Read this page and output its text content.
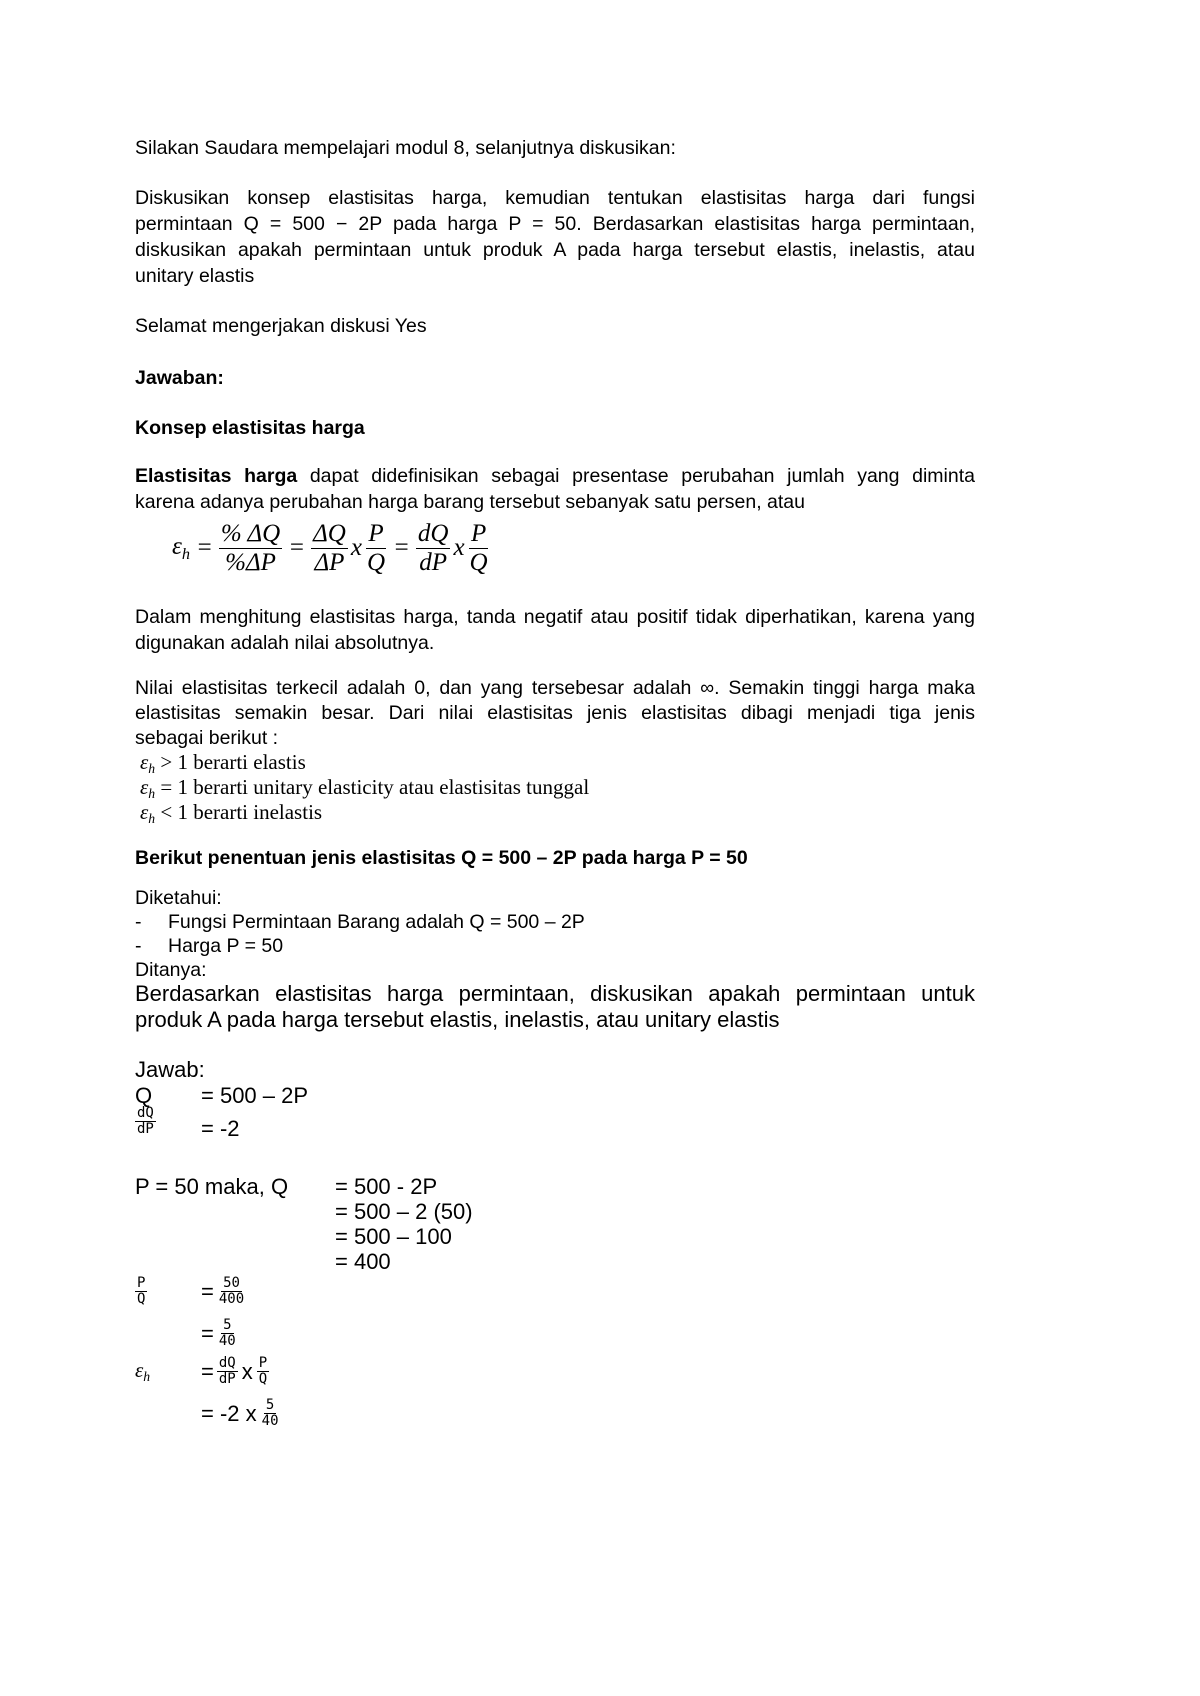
Silakan Saudara mempelajari modul 8, selanjutnya diskusikan:
Diskusikan konsep elastisitas harga, kemudian tentukan elastisitas harga dari fungsi
permintaan Q = 500 − 2P pada harga P = 50. Berdasarkan elastisitas harga permintaan,
diskusikan apakah permintaan untuk produk A pada harga tersebut elastis, inelastis, atau
unitary elastis
Selamat mengerjakan diskusi Yes
Jawaban:
Konsep elastisitas harga
Elastisitas harga dapat didefinisikan sebagai presentase perubahan jumlah yang diminta
karena adanya perubahan harga barang tersebut sebanyak satu persen, atau
$\varepsilon_h = \frac{\% \Delta Q}{\%\Delta P} = \frac{\Delta Q}{\Delta P}$ x $\frac{P}{Q} = \frac{dQ}{dP}$ x $\frac{P}{Q}$
Dalam menghitung elastisitas harga, tanda negatif atau positif tidak diperhatikan, karena yang
digunakan adalah nilai absolutnya.
Nilai elastisitas terkecil adalah 0, dan yang tersebesar adalah ∞. Semakin tinggi harga maka
elastisitas semakin besar. Dari nilai elastisitas jenis elastisitas dibagi menjadi tiga jenis
sebagai berikut :
$\varepsilon_h > 1$ berarti elastis
$\varepsilon_h = 1$ berarti unitary elasticity atau elastisitas tunggal
$\varepsilon_h < 1$ berarti inelastis
Berikut penentuan jenis elastisitas Q = 500 – 2P pada harga P = 50
Diketahui:
- Fungsi Permintaan Barang adalah Q = 500 – 2P
- Harga P = 50
Ditanya:
Berdasarkan elastisitas harga permintaan, diskusikan apakah permintaan untuk
produk A pada harga tersebut elastis, inelastis, atau unitary elastis
Jawab:
Q = 500 – 2P
$\frac{dQ}{dP} = -2$
P = 50 maka, Q = 500 - 2P
= 500 – 2 (50)
= 500 – 100
= 400
$\frac{P}{Q} = \frac{50}{400}$
= $\frac{5}{40}$
$\varepsilon_h = \frac{dQ}{dP}$ x $\frac{P}{Q}$
= -2 x $\frac{5}{40}$
